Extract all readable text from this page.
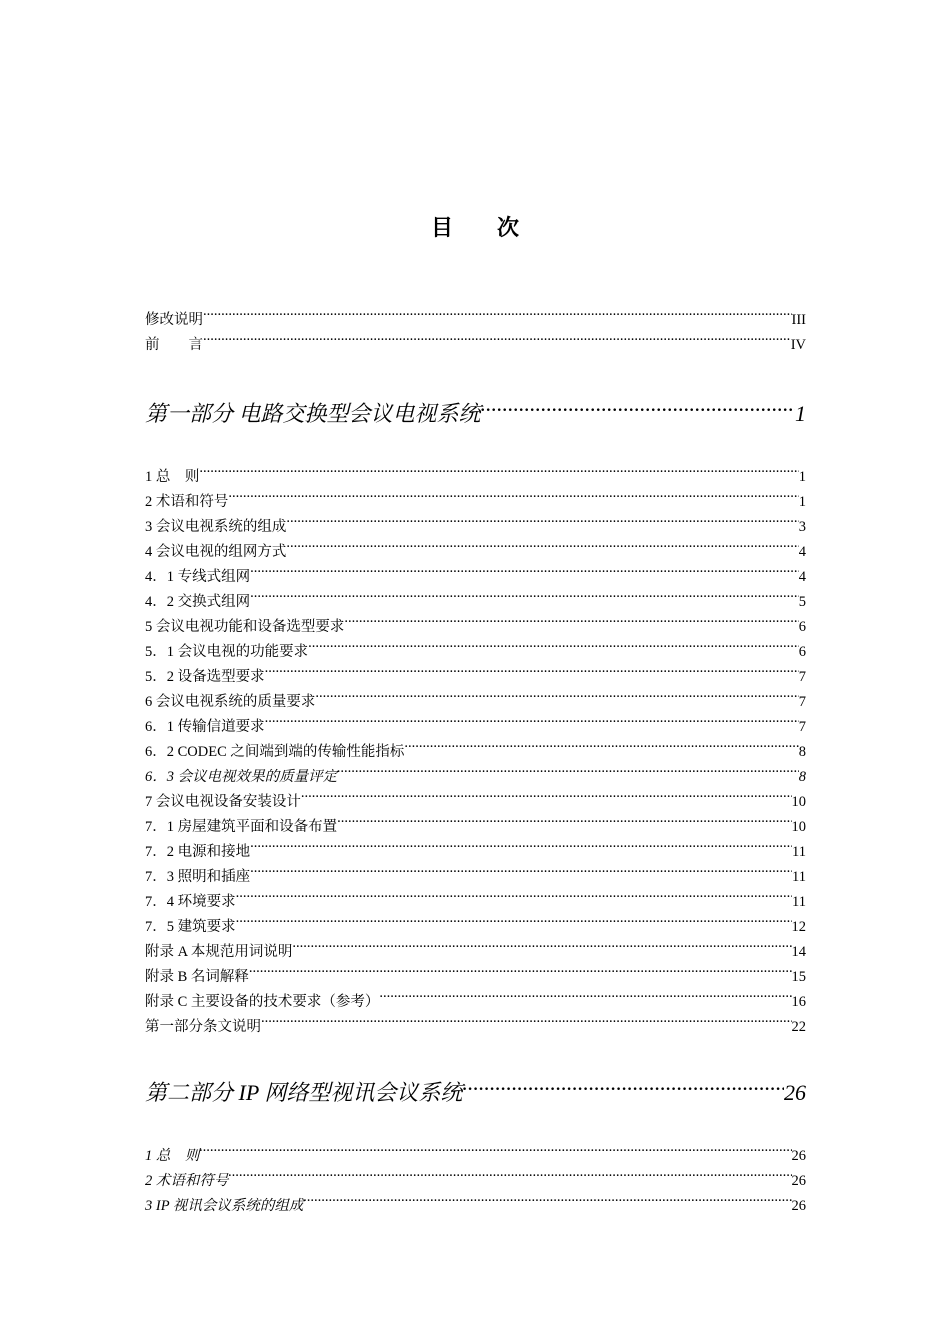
目 次
修改说明 .....	III
前　　言 .....	IV
第一部分 电路交换型会议电视系统 .....	1
1 总　则 .....	1
2 术语和符号 .....	1
3 会议电视系统的组成 .....	3
4 会议电视的组网方式 .....	4
4．1 专线式组网 .....	4
4．2 交换式组网 .....	5
5 会议电视功能和设备选型要求 .....	6
5．1 会议电视的功能要求 .....	6
5．2 设备选型要求 .....	7
6 会议电视系统的质量要求 .....	7
6．1 传输信道要求 .....	7
6．2 CODEC 之间端到端的传输性能指标 .....	8
6．3 会议电视效果的质量评定 .....	8
7 会议电视设备安装设计 .....	10
7．1 房屋建筑平面和设备布置 .....	10
7．2 电源和接地 .....	11
7．3 照明和插座 .....	11
7．4 环境要求 .....	11
7．5 建筑要求 .....	12
附录 A 本规范用词说明 .....	14
附录 B 名词解释 .....	15
附录 C 主要设备的技术要求（参考） .....	16
第一部分条文说明 .....	22
第二部分 IP 网络型视讯会议系统 .....	26
1 总　则 .....	26
2 术语和符号 .....	26
3 IP 视讯会议系统的组成 .....	26
